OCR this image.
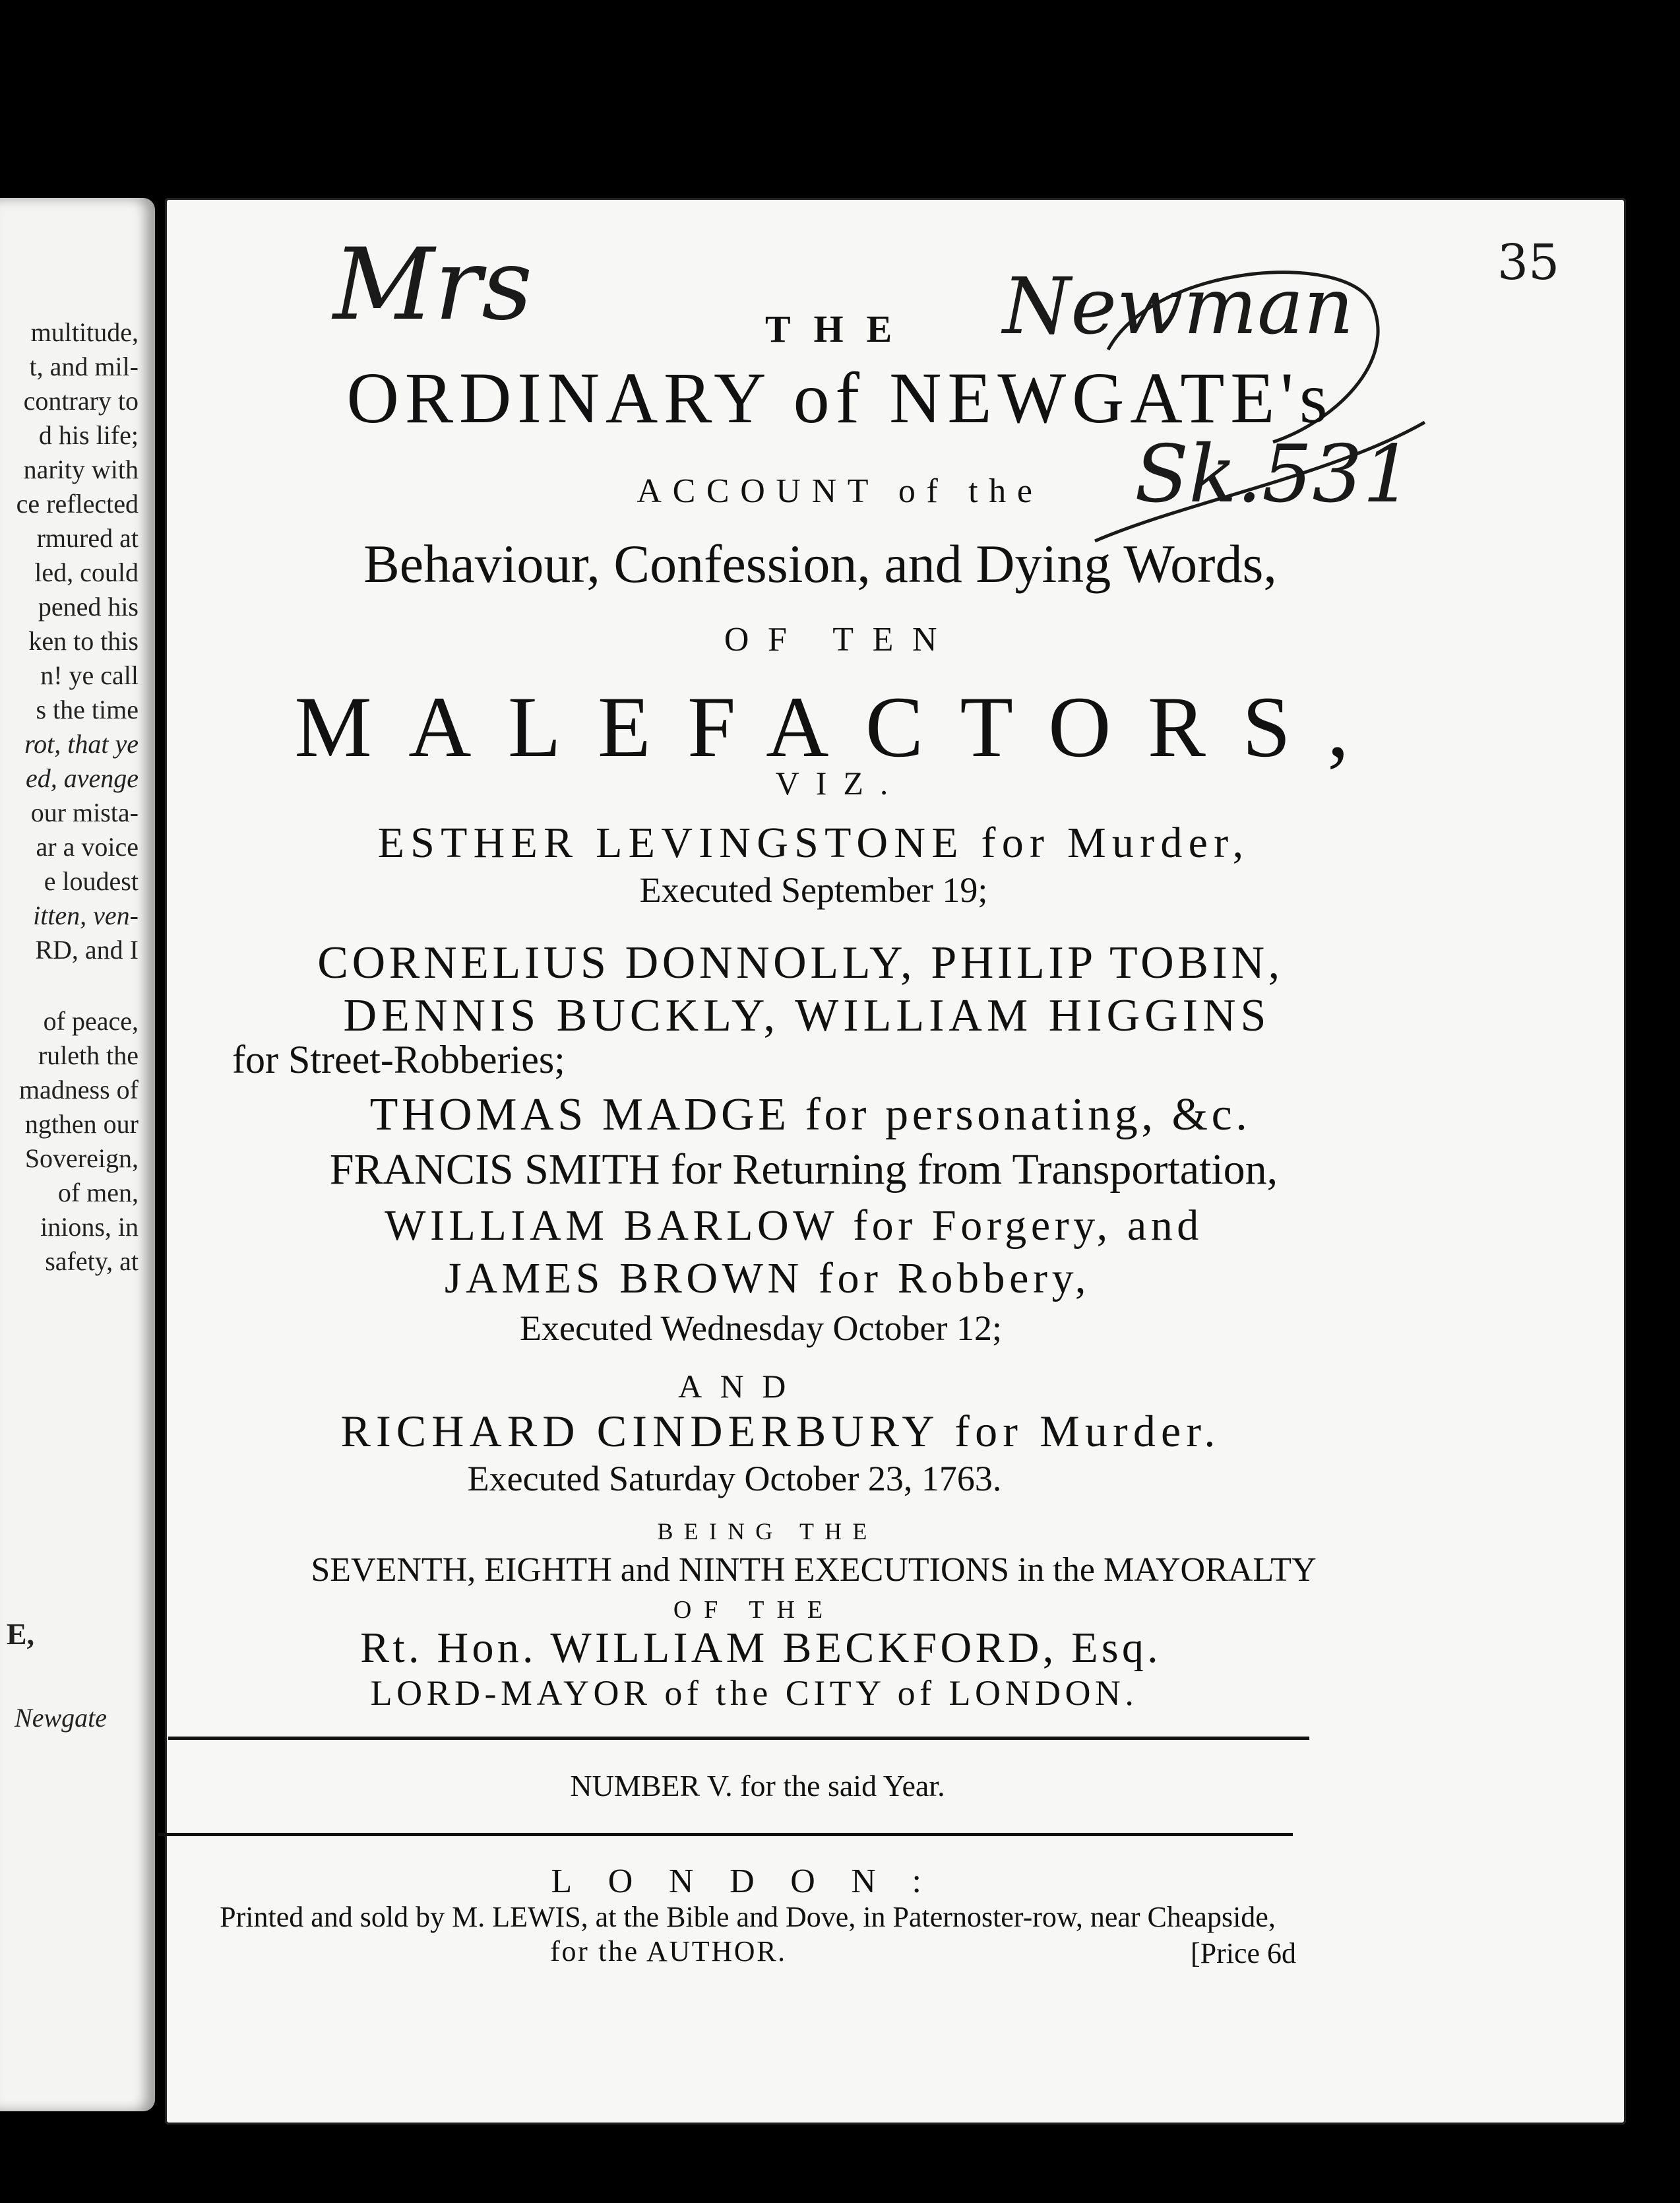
multitude,
t, and mil-
contrary to
d his life;
narity with
ce reflected
rmured at
led, could
pened his
ken to this
n! ye call
s the time
rot, that ye
ed, avenge
our mista-
ar a voice
e loudest
itten, ven-
RD, and I
of peace,
ruleth the
madness of
ngthen our
Sovereign,
of men,
inions, in
safety, at
E,
Newgate
Mrs	Newman
Sk.531
35
THE
ORDINARY of NEWGATE's
ACCOUNT of the
Behaviour, Confession, and Dying Words,
OF TEN
MALEFACTORS,
VIZ.
ESTHER LEVINGSTONE for Murder,
Executed September 19;
CORNELIUS DONNOLLY, PHILIP TOBIN,
DENNIS BUCKLY, WILLIAM HIGGINS
for Street-Robberies;
THOMAS MADGE for personating, &c.
FRANCIS SMITH for Returning from Transportation,
WILLIAM BARLOW for Forgery, and
JAMES BROWN for Robbery,
Executed Wednesday October 12;
AND
RICHARD CINDERBURY for Murder.
Executed Saturday October 23, 1763.
BEING THE
SEVENTH, EIGHTH and NINTH EXECUTIONS in the MAYORALTY
OF THE
Rt. Hon. WILLIAM BECKFORD, Esq.
LORD-MAYOR of the CITY of LONDON.
NUMBER V. for the said Year.
LONDON:
Printed and sold by M. LEWIS, at the Bible and Dove, in Paternoster-row, near Cheapside,
for the AUTHOR.	[Price 6d
